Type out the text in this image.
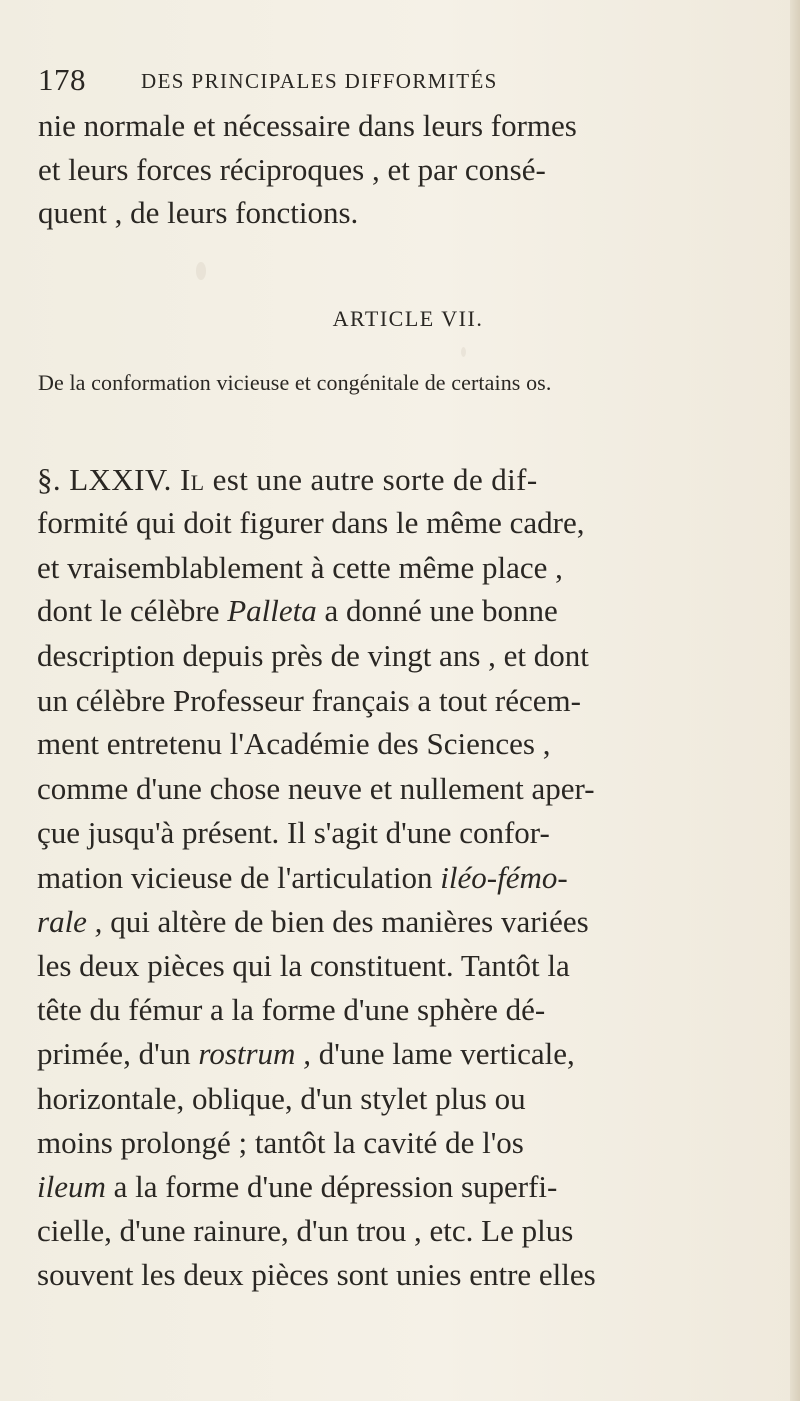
178	DES PRINCIPALES DIFFORMITÉS
nie normale et nécessaire dans leurs formes
et leurs forces réciproques , et par consé-
quent , de leurs fonctions.
ARTICLE VII.
De la conformation vicieuse et congénitale de certains os.
§. LXXIV. Il est une autre sorte de dif-
formité qui doit figurer dans le même cadre,
et vraisemblablement à cette même place ,
dont le célèbre Palleta a donné une bonne
description depuis près de vingt ans , et dont
un célèbre Professeur français a tout récem-
ment entretenu l'Académie des Sciences ,
comme d'une chose neuve et nullement aper-
çue jusqu'à présent. Il s'agit d'une confor-
mation vicieuse de l'articulation iléo-fémo-
rale , qui altère de bien des manières variées
les deux pièces qui la constituent. Tantôt la
tête du fémur a la forme d'une sphère dé-
primée, d'un rostrum , d'une lame verticale,
horizontale, oblique, d'un stylet plus ou
moins prolongé ; tantôt la cavité de l'os
ileum a la forme d'une dépression superfi-
cielle, d'une rainure, d'un trou , etc. Le plus
souvent les deux pièces sont unies entre elles
